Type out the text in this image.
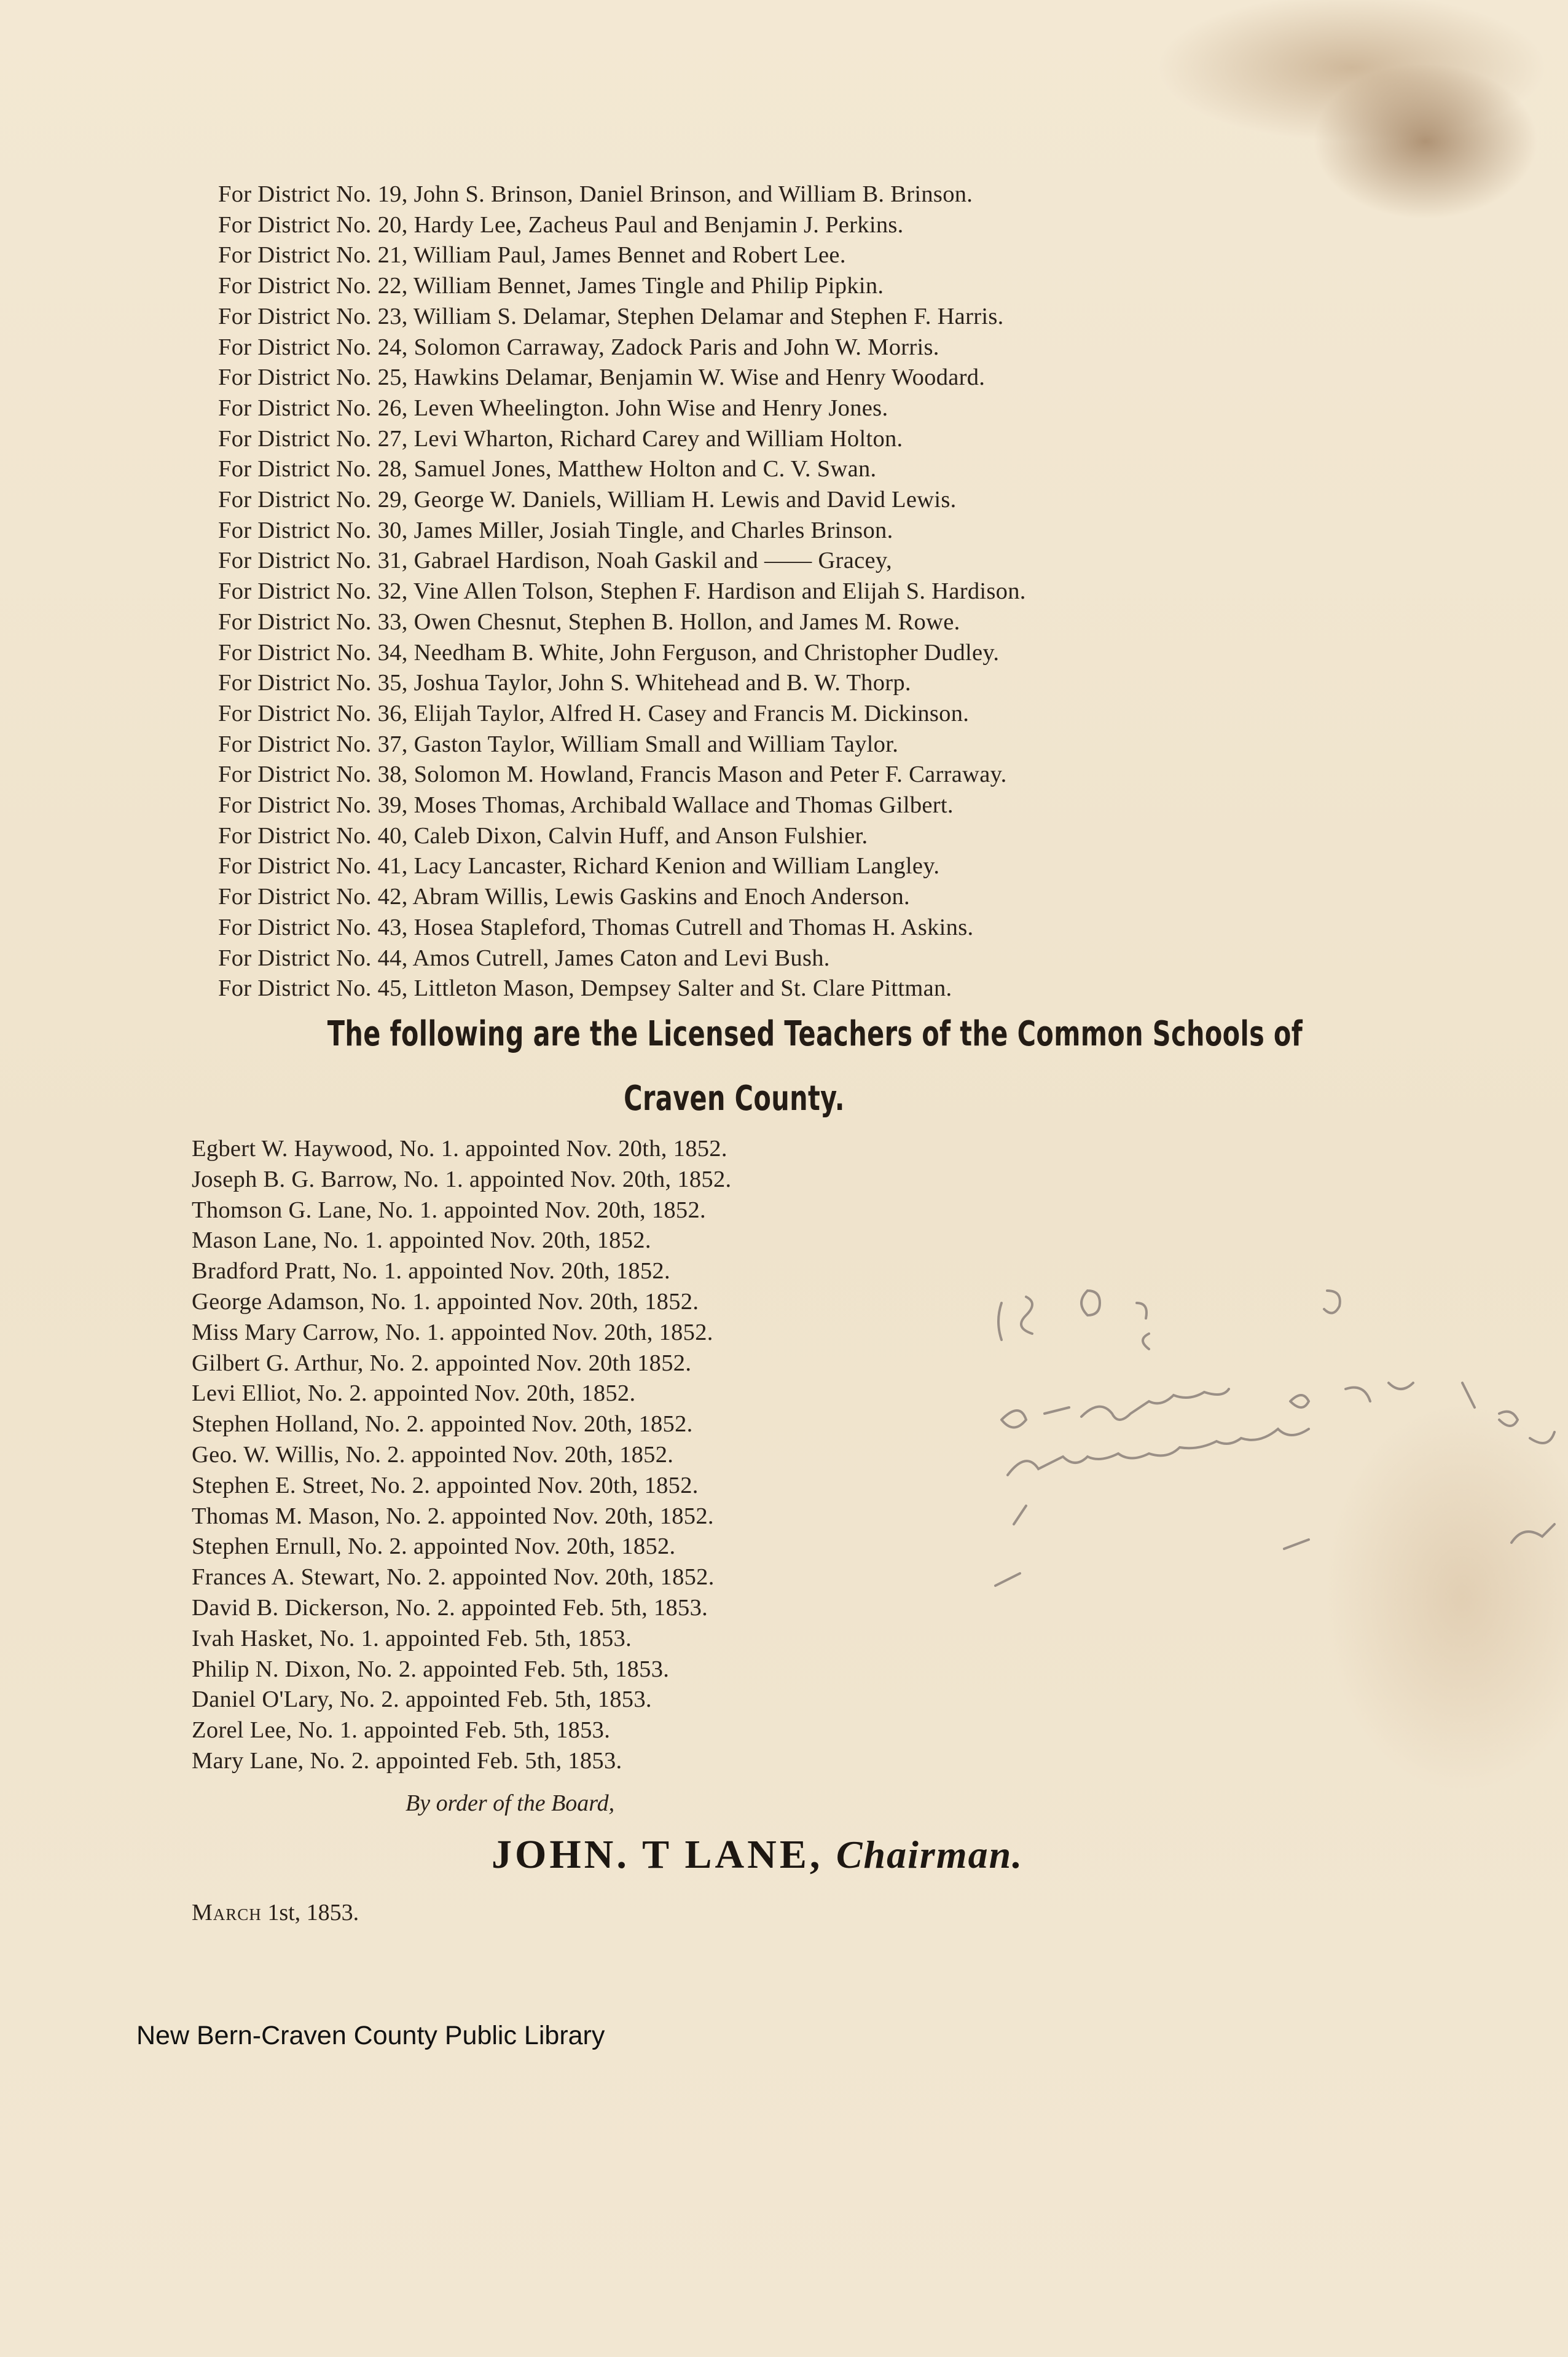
For District No. 19, John S. Brinson, Daniel Brinson, and William B. Brinson.
For District No. 20, Hardy Lee, Zacheus Paul and Benjamin J. Perkins.
For District No. 21, William Paul, James Bennet and Robert Lee.
For District No. 22, William Bennet, James Tingle and Philip Pipkin.
For District No. 23, William S. Delamar, Stephen Delamar and Stephen F. Harris.
For District No. 24, Solomon Carraway, Zadock Paris and John W. Morris.
For District No. 25, Hawkins Delamar, Benjamin W. Wise and Henry Woodard.
For District No. 26, Leven Wheelington. John Wise and Henry Jones.
For District No. 27, Levi Wharton, Richard Carey and William Holton.
For District No. 28, Samuel Jones, Matthew Holton and C. V. Swan.
For District No. 29, George W. Daniels, William H. Lewis and David Lewis.
For District No. 30, James Miller, Josiah Tingle, and Charles Brinson.
For District No. 31, Gabrael Hardison, Noah Gaskil and —— Gracey,
For District No. 32, Vine Allen Tolson, Stephen F. Hardison and Elijah S. Hardison.
For District No. 33, Owen Chesnut, Stephen B. Hollon, and James M. Rowe.
For District No. 34, Needham B. White, John Ferguson, and Christopher Dudley.
For District No. 35, Joshua Taylor, John S. Whitehead and B. W. Thorp.
For District No. 36, Elijah Taylor, Alfred H. Casey and Francis M. Dickinson.
For District No. 37, Gaston Taylor, William Small and William Taylor.
For District No. 38, Solomon M. Howland, Francis Mason and Peter F. Carraway.
For District No. 39, Moses Thomas, Archibald Wallace and Thomas Gilbert.
For District No. 40, Caleb Dixon, Calvin Huff, and Anson Fulshier.
For District No. 41, Lacy Lancaster, Richard Kenion and William Langley.
For District No. 42, Abram Willis, Lewis Gaskins and Enoch Anderson.
For District No. 43, Hosea Stapleford, Thomas Cutrell and Thomas H. Askins.
For District No. 44, Amos Cutrell, James Caton and Levi Bush.
For District No. 45, Littleton Mason, Dempsey Salter and St. Clare Pittman.
The following are the Licensed Teachers of the Common Schools of
Craven County.
Egbert W. Haywood, No. 1. appointed Nov. 20th, 1852.
Joseph B. G. Barrow, No. 1. appointed Nov. 20th, 1852.
Thomson G. Lane, No. 1. appointed Nov. 20th, 1852.
Mason Lane, No. 1. appointed Nov. 20th, 1852.
Bradford Pratt, No. 1. appointed Nov. 20th, 1852.
George Adamson, No. 1. appointed Nov. 20th, 1852.
Miss Mary Carrow, No. 1. appointed Nov. 20th, 1852.
Gilbert G. Arthur, No. 2. appointed Nov. 20th 1852.
Levi Elliot, No. 2. appointed Nov. 20th, 1852.
Stephen Holland, No. 2. appointed Nov. 20th, 1852.
Geo. W. Willis, No. 2. appointed Nov. 20th, 1852.
Stephen E. Street, No. 2. appointed Nov. 20th, 1852.
Thomas M. Mason, No. 2. appointed Nov. 20th, 1852.
Stephen Ernull, No. 2. appointed Nov. 20th, 1852.
Frances A. Stewart, No. 2. appointed Nov. 20th, 1852.
David B. Dickerson, No. 2. appointed Feb. 5th, 1853.
Ivah Hasket, No. 1. appointed Feb. 5th, 1853.
Philip N. Dixon, No. 2. appointed Feb. 5th, 1853.
Daniel O'Lary, No. 2. appointed Feb. 5th, 1853.
Zorel Lee, No. 1. appointed Feb. 5th, 1853.
Mary Lane, No. 2. appointed Feb. 5th, 1853.
By order of the Board,
JOHN. T LANE, Chairman.
March 1st, 1853.
New Bern-Craven County Public Library
